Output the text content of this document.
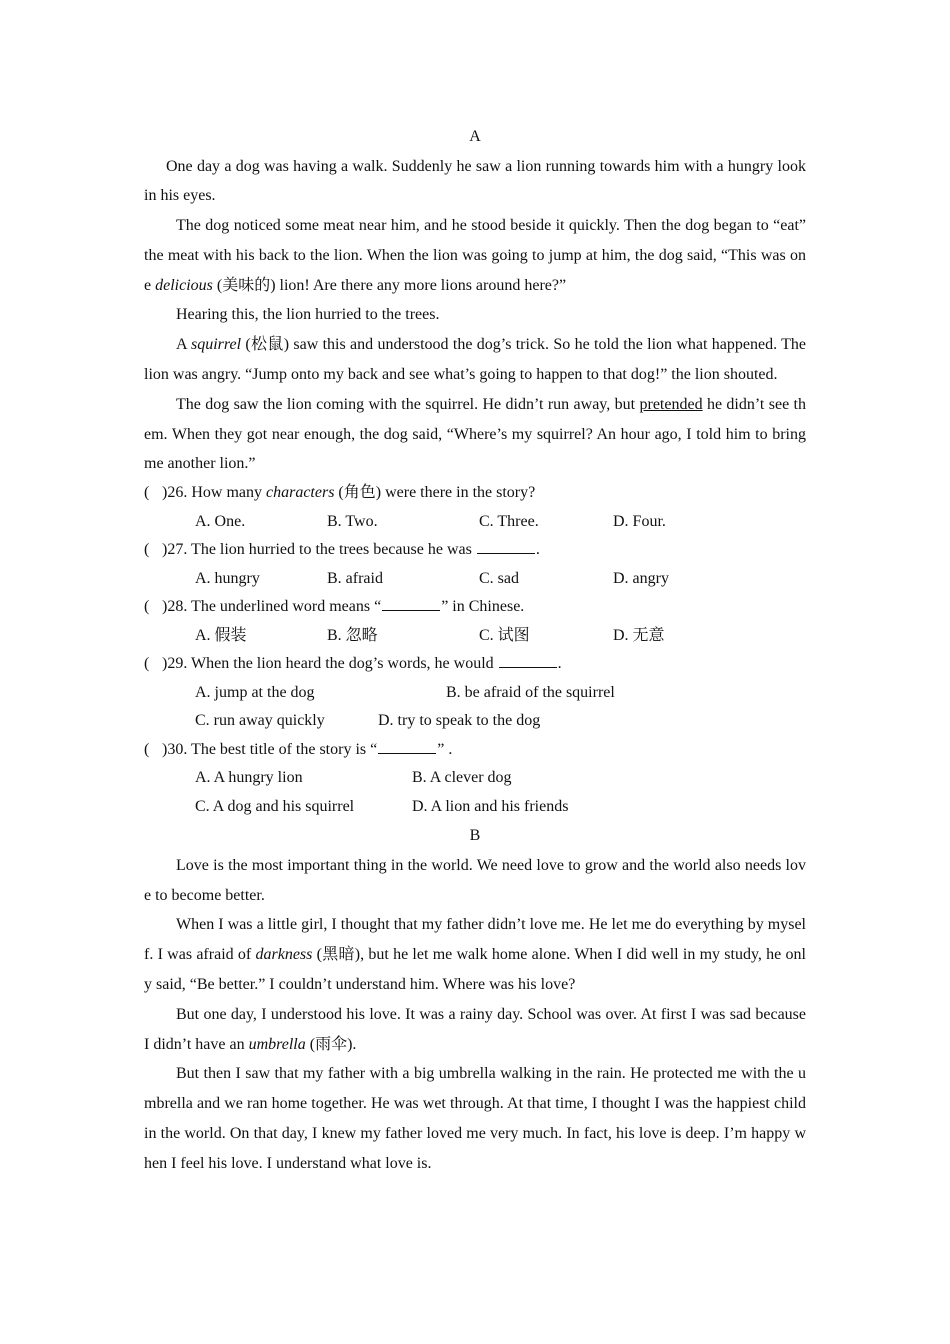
A

One day a dog was having a walk. Suddenly he saw a lion running towards him with a hungry look in his eyes.

The dog noticed some meat near him, and he stood beside it quickly. Then the dog began to “eat” the meat with his back to the lion. When the lion was going to jump at him, the dog said, “This was one delicious (美味的) lion! Are there any more lions around here?”

Hearing this, the lion hurried to the trees.

A squirrel (松鼠) saw this and understood the dog’s trick. So he told the lion what happened. The lion was angry. “Jump onto my back and see what’s going to happen to that dog!” the lion shouted.

The dog saw the lion coming with the squirrel. He didn’t run away, but pretended he didn’t see them. When they got near enough, the dog said, “Where’s my squirrel? An hour ago, I told him to bring me another lion.”

( )26. How many characters (角色) were there in the story?
A. One.	B. Two.	C. Three.	D. Four.
( )27. The lion hurried to the trees because he was	.
A. hungry	B. afraid	C. sad	D. angry
( )28. The underlined word means “	” in Chinese.
A. 假装	B. 忽略	C. 试图	D. 无意
( )29. When the lion heard the dog’s words, he would	.
A. jump at the dog	B. be afraid of the squirrel
C. run away quickly	D. try to speak to the dog
( )30. The best title of the story is “	” .
A. A hungry lion	B. A clever dog
C. A dog and his squirrel	D. A lion and his friends
B

Love is the most important thing in the world. We need love to grow and the world also needs love to become better.

When I was a little girl, I thought that my father didn’t love me. He let me do everything by myself. I was afraid of darkness (黑暗), but he let me walk home alone. When I did well in my study, he only said, “Be better.” I couldn’t understand him. Where was his love?

But one day, I understood his love. It was a rainy day. School was over. At first I was sad because I didn’t have an umbrella (雨伞).

But then I saw that my father with a big umbrella walking in the rain. He protected me with the umbrella and we ran home together. He was wet through. At that time, I thought I was the happiest child in the world. On that day, I knew my father loved me very much. In fact, his love is deep. I’m happy when I feel his love. I understand what love is.
